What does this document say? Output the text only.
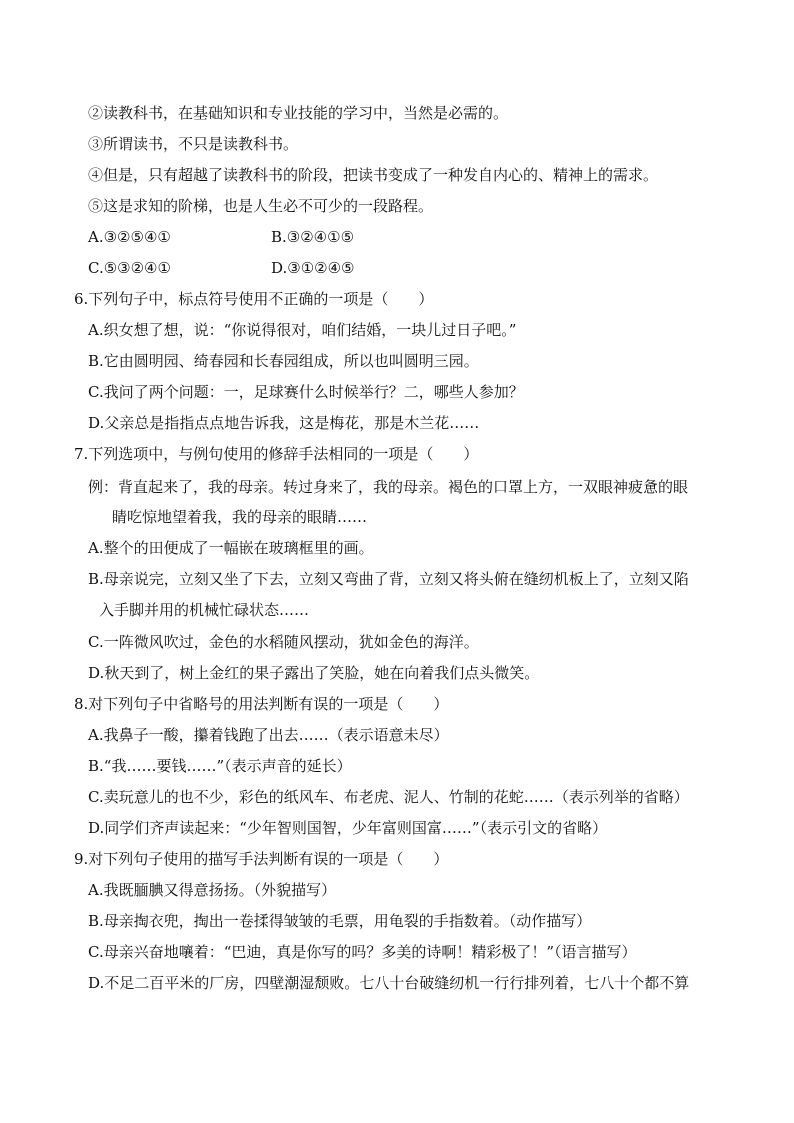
②读教科书，在基础知识和专业技能的学习中，当然是必需的。
③所谓读书，不只是读教科书。
④但是，只有超越了读教科书的阶段，把读书变成了一种发自内心的、精神上的需求。
⑤这是求知的阶梯，也是人生必不可少的一段路程。
A.③②⑤④①	B.③②④①⑤
C.⑤③②④①	D.③①②④⑤
6.下列句子中，标点符号使用不正确的一项是（　　）
A.织女想了想，说：“你说得很对，咱们结婚，一块儿过日子吧。”
B.它由圆明园、绮春园和长春园组成，所以也叫圆明三园。
C.我问了两个问题：一，足球赛什么时候举行？二，哪些人参加？
D.父亲总是指指点点地告诉我，这是梅花，那是木兰花……
7.下列选项中，与例句使用的修辞手法相同的一项是（　　）
例：背直起来了，我的母亲。转过身来了，我的母亲。褐色的口罩上方，一双眼神疲惫的眼
睛吃惊地望着我，我的母亲的眼睛……
A.整个的田便成了一幅嵌在玻璃框里的画。
B.母亲说完，立刻又坐了下去，立刻又弯曲了背，立刻又将头俯在缝纫机板上了，立刻又陷
入手脚并用的机械忙碌状态……
C.一阵微风吹过，金色的水稻随风摆动，犹如金色的海洋。
D.秋天到了，树上金红的果子露出了笑脸，她在向着我们点头微笑。
8.对下列句子中省略号的用法判断有误的一项是（　　）
A.我鼻子一酸，攥着钱跑了出去……（表示语意未尽）
B.“我……要钱……”（表示声音的延长）
C.卖玩意儿的也不少，彩色的纸风车、布老虎、泥人、竹制的花蛇……（表示列举的省略）
D.同学们齐声读起来：“少年智则国智，少年富则国富……”（表示引文的省略）
9.对下列句子使用的描写手法判断有误的一项是（　　）
A.我既腼腆又得意扬扬。（外貌描写）
B.母亲掏衣兜，掏出一卷揉得皱皱的毛票，用龟裂的手指数着。（动作描写）
C.母亲兴奋地嚷着：“巴迪，真是你写的吗？多美的诗啊！精彩极了！”（语言描写）
D.不足二百平米的厂房，四壁潮湿颓败。七八十台破缝纫机一行行排列着，七八十个都不算
